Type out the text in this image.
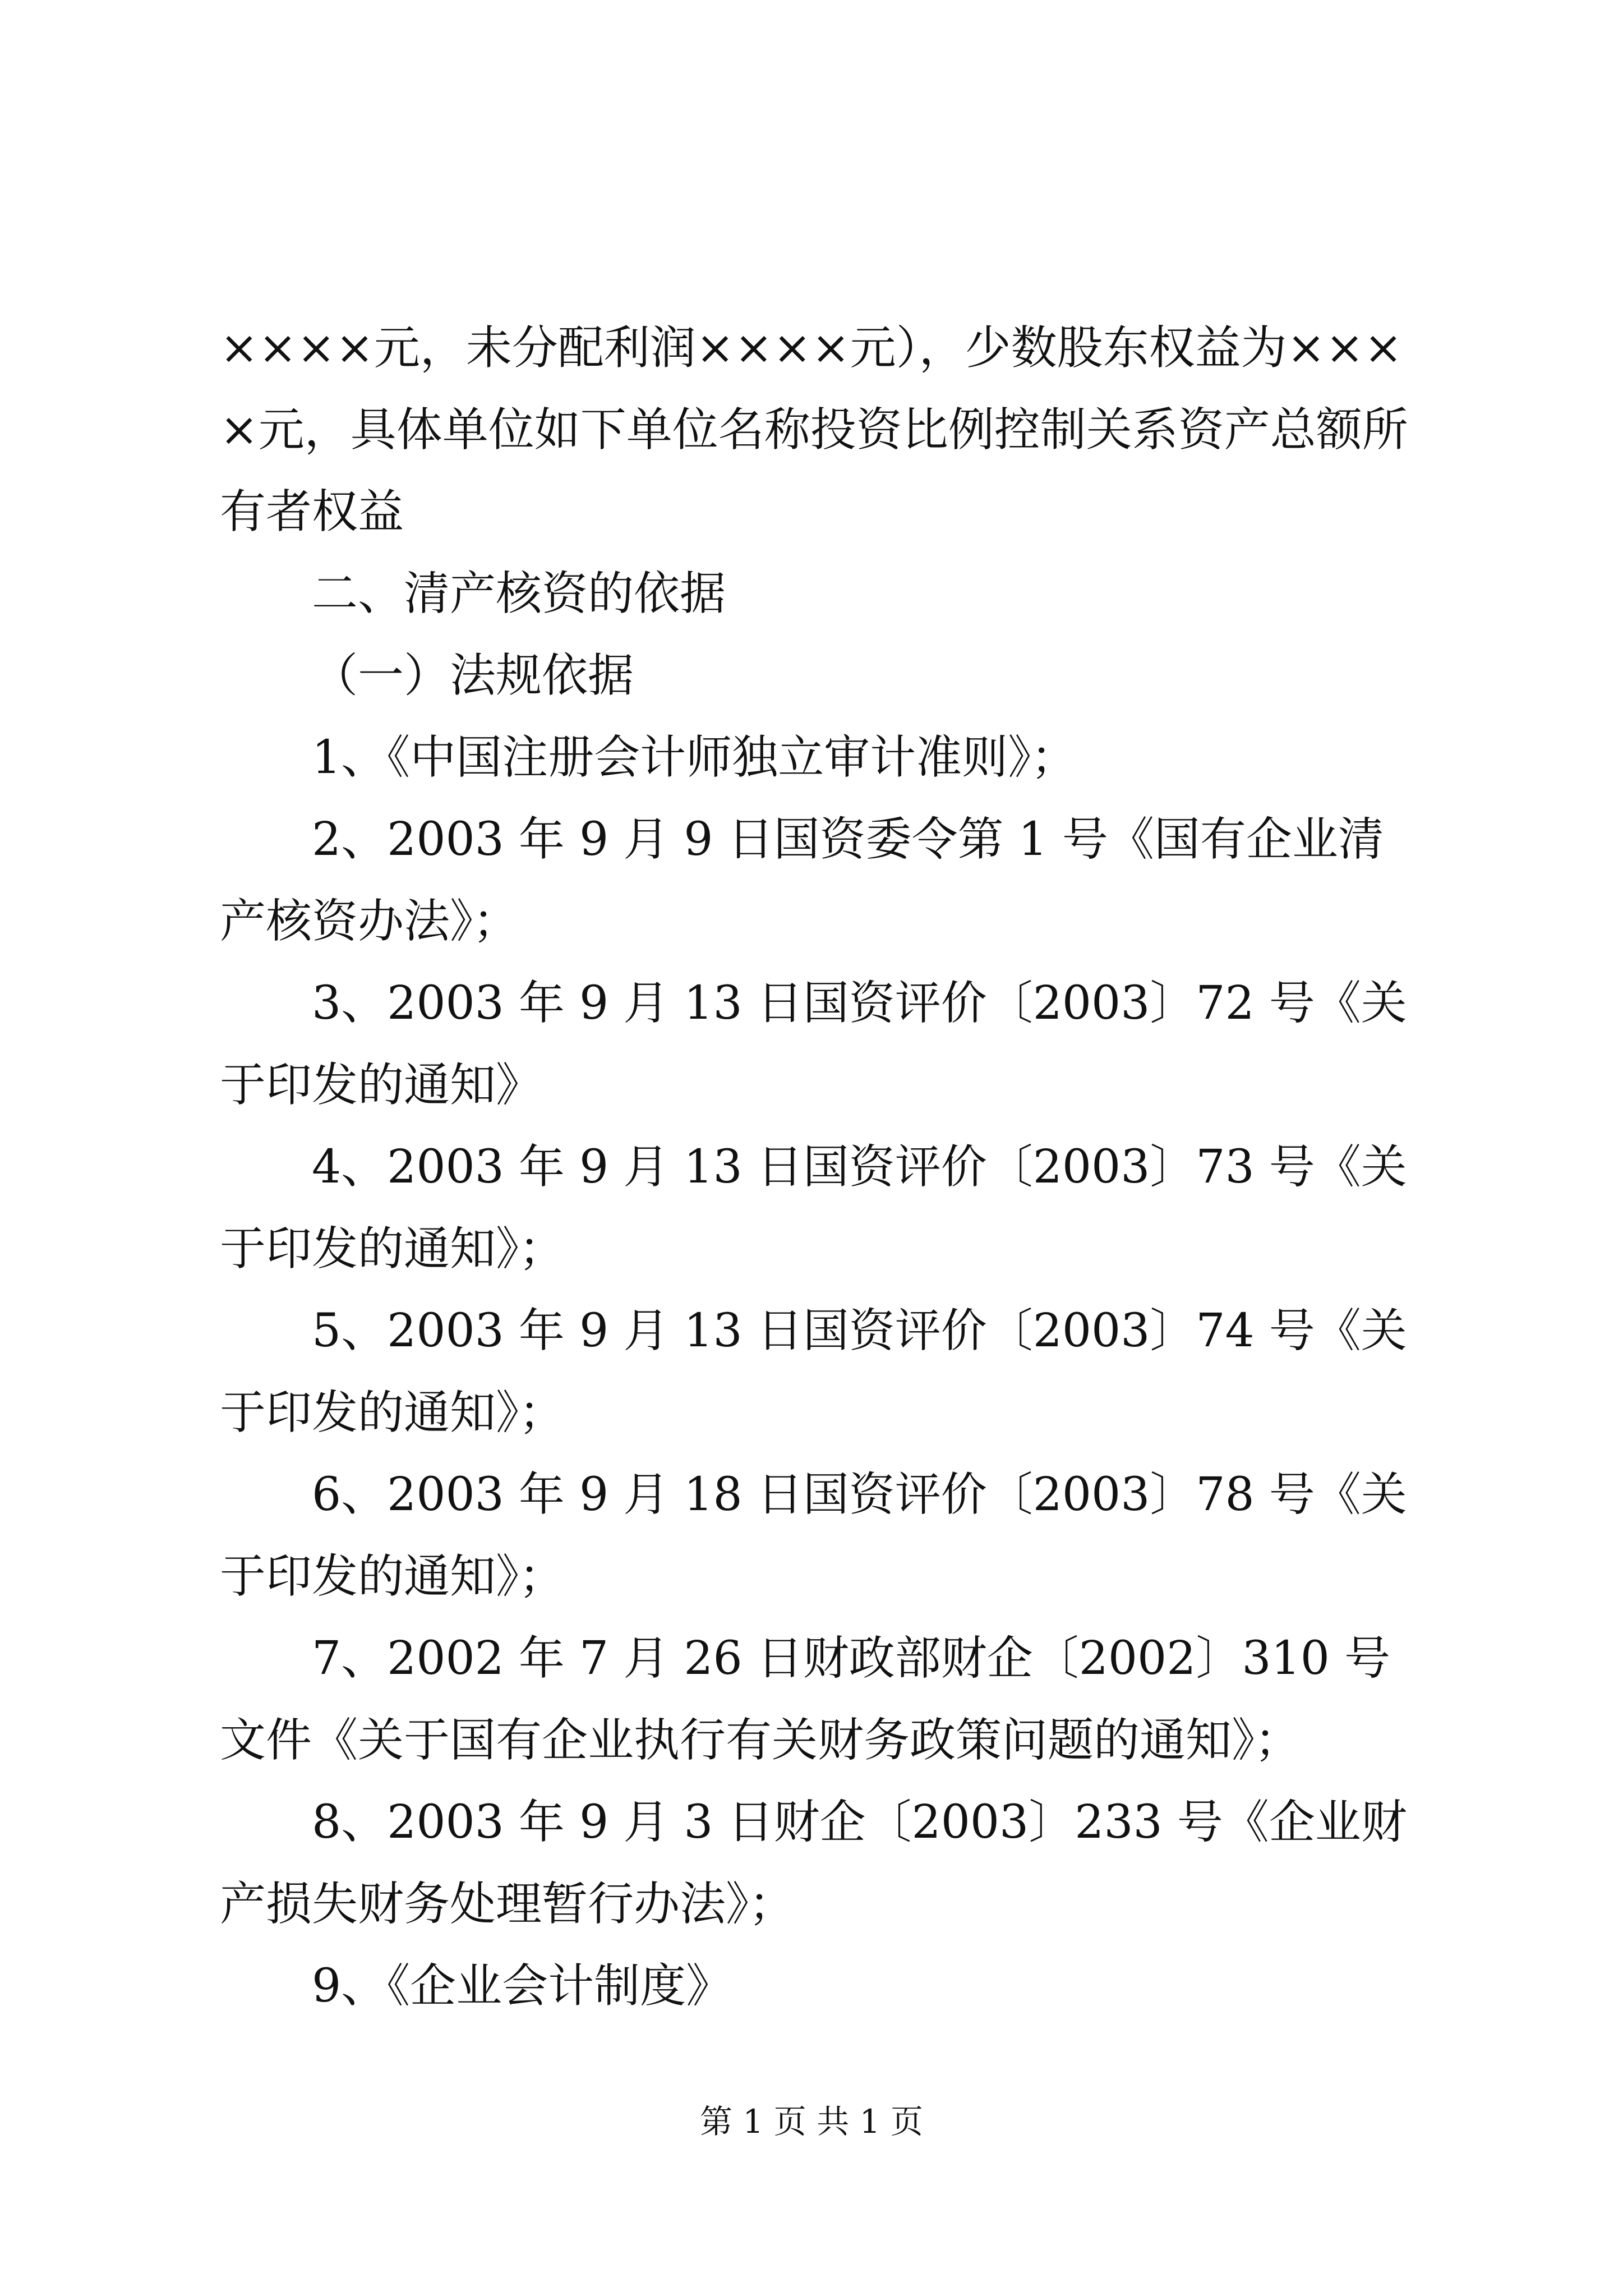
××××元，未分配利润××××元），少数股东权益为××××元，具体单位如下单位名称投资比例控制关系资产总额所有者权益

二、清产核资的依据

（一）法规依据

1、《中国注册会计师独立审计准则》；

2、2003 年 9 月 9 日国资委令第 1 号《国有企业清产核资办法》；

3、2003 年 9 月 13 日国资评价〔2003〕72 号《关于印发的通知》

4、2003 年 9 月 13 日国资评价〔2003〕73 号《关于印发的通知》；

5、2003 年 9 月 13 日国资评价〔2003〕74 号《关于印发的通知》；

6、2003 年 9 月 18 日国资评价〔2003〕78 号《关于印发的通知》；

7、2002 年 7 月 26 日财政部财企〔2002〕310 号文件《关于国有企业执行有关财务政策问题的通知》；

8、2003 年 9 月 3 日财企〔2003〕233 号《企业财产损失财务处理暂行办法》；

9、《企业会计制度》

第 1 页 共 1 页
